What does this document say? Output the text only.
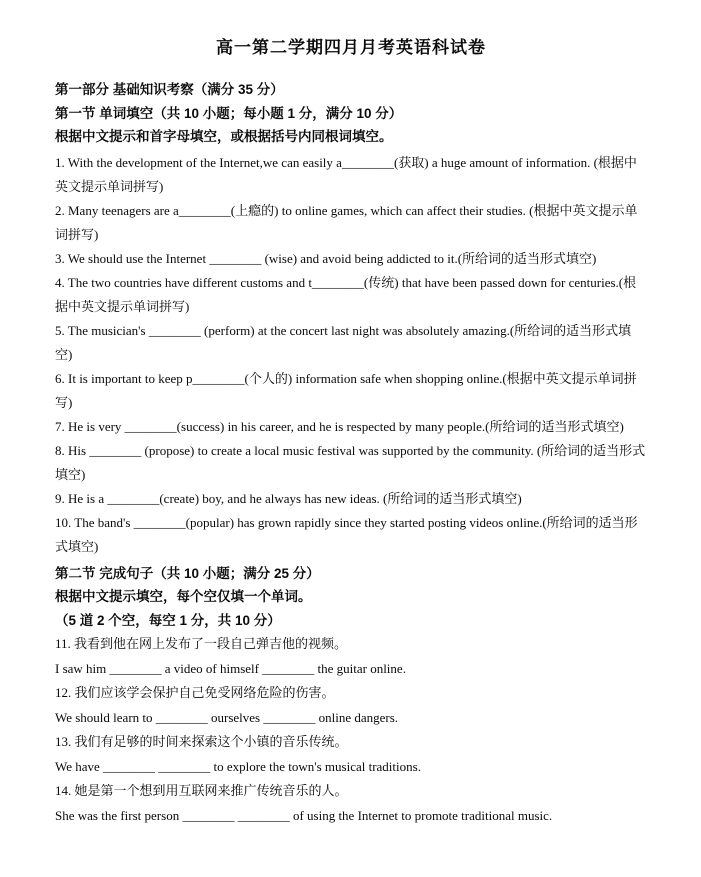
高一第二学期四月月考英语科试卷

第一部分 基础知识考察（满分 35 分）

第一节 单词填空（共 10 小题；每小题 1 分，满分 10 分）

根据中文提示和首字母填空，或根据括号内同根词填空。

1. With the development of the Internet,we can easily a________(获取) a huge amount of information. (根据中英文提示单词拼写)

2. Many teenagers are a________(上瘾的) to online games, which can affect their studies. (根据中英文提示单词拼写)

3. We should use the Internet ________ (wise) and avoid being addicted to it.(所给词的适当形式填空)

4. The two countries have different customs and t________(传统) that have been passed down for centuries.(根据中英文提示单词拼写)

5. The musician's ________ (perform) at the concert last night was absolutely amazing.(所给词的适当形式填空)

6. It is important to keep p________(个人的) information safe when shopping online.(根据中英文提示单词拼写)

7. He is very ________(success) in his career, and he is respected by many people.(所给词的适当形式填空)

8. His ________ (propose) to create a local music festival was supported by the community. (所给词的适当形式填空)

9. He is a ________(create) boy, and he always has new ideas. (所给词的适当形式填空)

10. The band's ________(popular) has grown rapidly since they started posting videos online.(所给词的适当形式填空)

第二节 完成句子（共 10 小题；满分 25 分）

根据中文提示填空，每个空仅填一个单词。

（5 道 2 个空，每空 1 分，共 10 分）

11. 我看到他在网上发布了一段自己弹吉他的视频。

I saw him ________ a video of himself ________ the guitar online.

12. 我们应该学会保护自己免受网络危险的伤害。

We should learn to ________ ourselves ________ online dangers.

13. 我们有足够的时间来探索这个小镇的音乐传统。

We have ________ ________ to explore the town's musical traditions.

14. 她是第一个想到用互联网来推广传统音乐的人。

She was the first person ________ ________ of using the Internet to promote traditional music.
